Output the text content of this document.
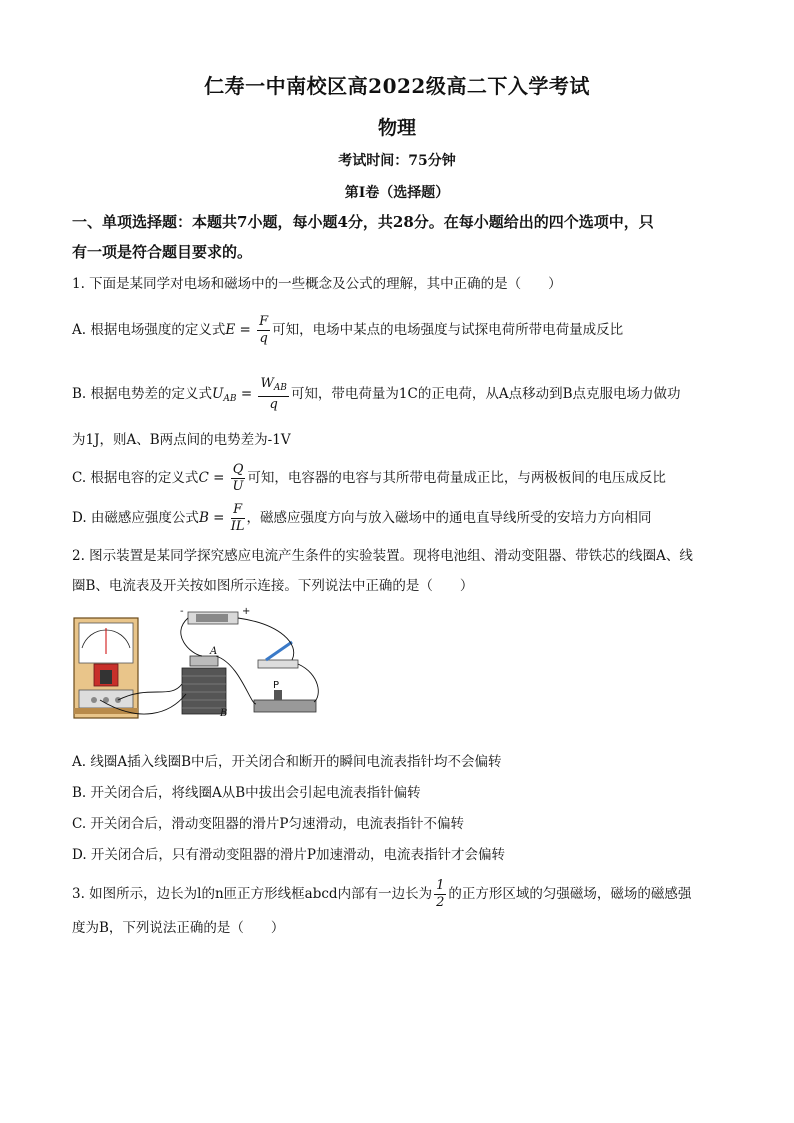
仁寿一中南校区高2022级高二下入学考试
物理
考试时间：75分钟
第I卷（选择题）
一、单项选择题：本题共7小题，每小题4分，共28分。在每小题给出的四个选项中，只
有一项是符合题目要求的。
1. 下面是某同学对电场和磁场中的一些概念及公式的理解，其中正确的是（　　）
A. 根据电场强度的定义式$E = \frac{F}{q}$ 可知，电场中某点的电场强度与试探电荷所带电荷量成反比
B. 根据电势差的定义式$U_{AB} = \frac{W_{AB}}{q}$ 可知，带电荷量为1C的正电荷，从A点移动到B点克服电场力做功
为1J，则A、B两点间的电势差为-1V
C. 根据电容的定义式$C = \frac{Q}{U}$ 可知，电容器的电容与其所带电荷量成正比，与两极板间的电压成反比
D. 由磁感应强度公式$B = \frac{F}{IL}$ ，磁感应强度方向与放入磁场中的通电直导线所受的安培力方向相同
2. 图示装置是某同学探究感应电流产生条件的实验装置。现将电池组、滑动变阻器、带铁芯的线圈A、线
圈B、电流表及开关按如图所示连接。下列说法中正确的是（　　）
-	+
A
B
P
A. 线圈A插入线圈B中后，开关闭合和断开的瞬间电流表指针均不会偏转
B. 开关闭合后，将线圈A从B中拔出会引起电流表指针偏转
C. 开关闭合后，滑动变阻器的滑片P匀速滑动，电流表指针不偏转
D. 开关闭合后，只有滑动变阻器的滑片P加速滑动，电流表指针才会偏转
3. 如图所示，边长为l的n匝正方形线框abcd内部有一边长为 $\frac{1}{2}$ 的正方形区域的匀强磁场，磁场的磁感强
度为B，下列说法正确的是（　　）
